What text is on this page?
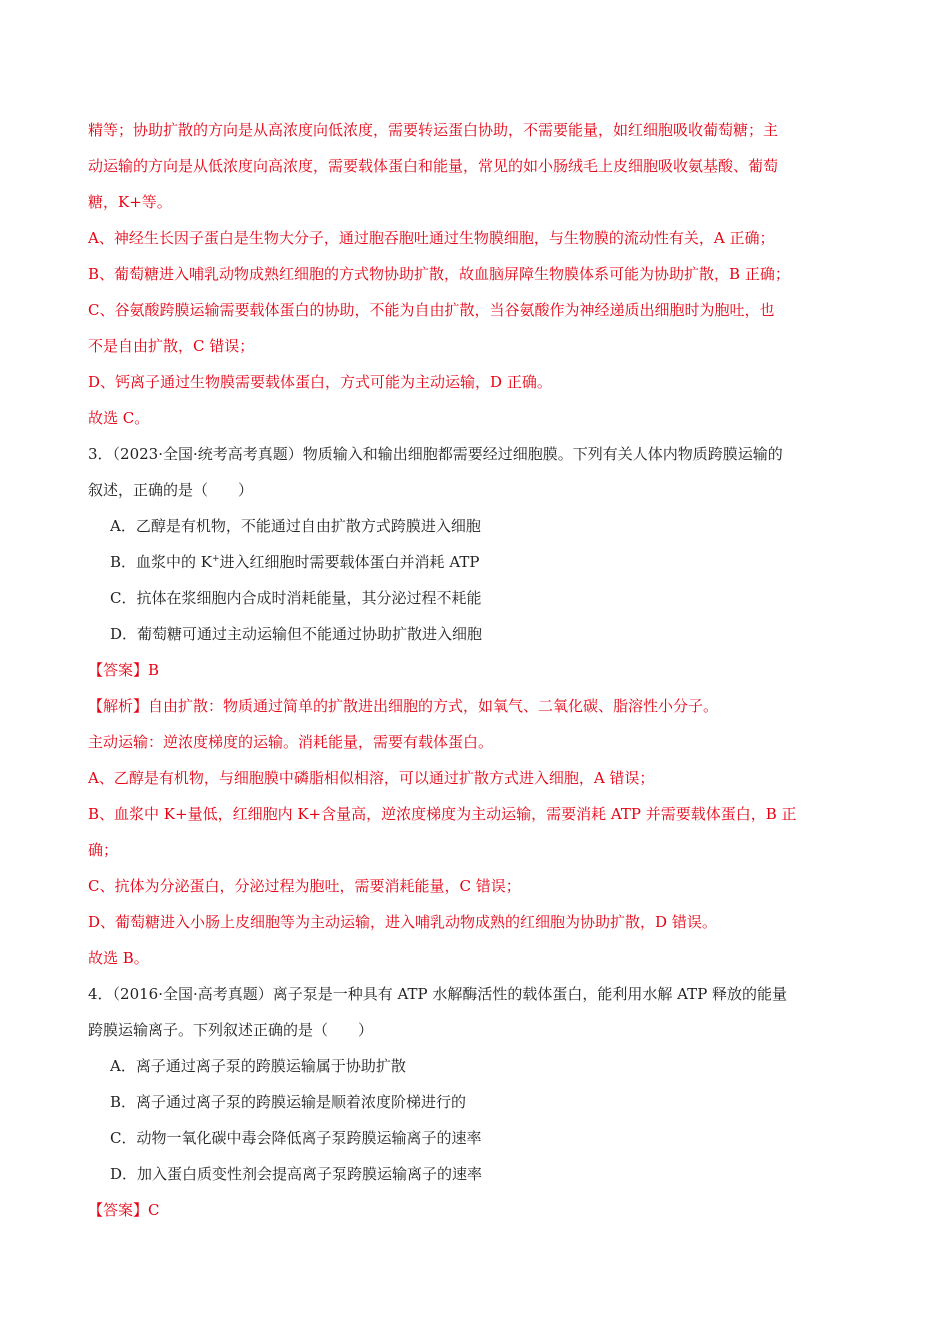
精等；协助扩散的方向是从高浓度向低浓度，需要转运蛋白协助，不需要能量，如红细胞吸收葡萄糖；主
动运输的方向是从低浓度向高浓度，需要载体蛋白和能量，常见的如小肠绒毛上皮细胞吸收氨基酸、葡萄
糖，K+等。
A、神经生长因子蛋白是生物大分子，通过胞吞胞吐通过生物膜细胞，与生物膜的流动性有关，A 正确；
B、葡萄糖进入哺乳动物成熟红细胞的方式物协助扩散，故血脑屏障生物膜体系可能为协助扩散，B 正确；
C、谷氨酸跨膜运输需要载体蛋白的协助，不能为自由扩散，当谷氨酸作为神经递质出细胞时为胞吐，也
不是自由扩散，C 错误；
D、钙离子通过生物膜需要载体蛋白，方式可能为主动运输，D 正确。
故选 C。
3．（2023·全国·统考高考真题）物质输入和输出细胞都需要经过细胞膜。下列有关人体内物质跨膜运输的
叙述，正确的是（　　）
A．乙醇是有机物，不能通过自由扩散方式跨膜进入细胞
B．血浆中的 K+进入红细胞时需要载体蛋白并消耗 ATP
C．抗体在浆细胞内合成时消耗能量，其分泌过程不耗能
D．葡萄糖可通过主动运输但不能通过协助扩散进入细胞
【答案】B
【解析】自由扩散：物质通过简单的扩散进出细胞的方式，如氧气、二氧化碳、脂溶性小分子。
主动运输：逆浓度梯度的运输。消耗能量，需要有载体蛋白。
A、乙醇是有机物，与细胞膜中磷脂相似相溶，可以通过扩散方式进入细胞，A 错误；
B、血浆中 K+量低，红细胞内 K+含量高，逆浓度梯度为主动运输，需要消耗 ATP 并需要载体蛋白，B 正
确；
C、抗体为分泌蛋白，分泌过程为胞吐，需要消耗能量，C 错误；
D、葡萄糖进入小肠上皮细胞等为主动运输，进入哺乳动物成熟的红细胞为协助扩散，D 错误。
故选 B。
4．（2016·全国·高考真题）离子泵是一种具有 ATP 水解酶活性的载体蛋白，能利用水解 ATP 释放的能量
跨膜运输离子。下列叙述正确的是（　　）
A．离子通过离子泵的跨膜运输属于协助扩散
B．离子通过离子泵的跨膜运输是顺着浓度阶梯进行的
C．动物一氧化碳中毒会降低离子泵跨膜运输离子的速率
D．加入蛋白质变性剂会提高离子泵跨膜运输离子的速率
【答案】C
